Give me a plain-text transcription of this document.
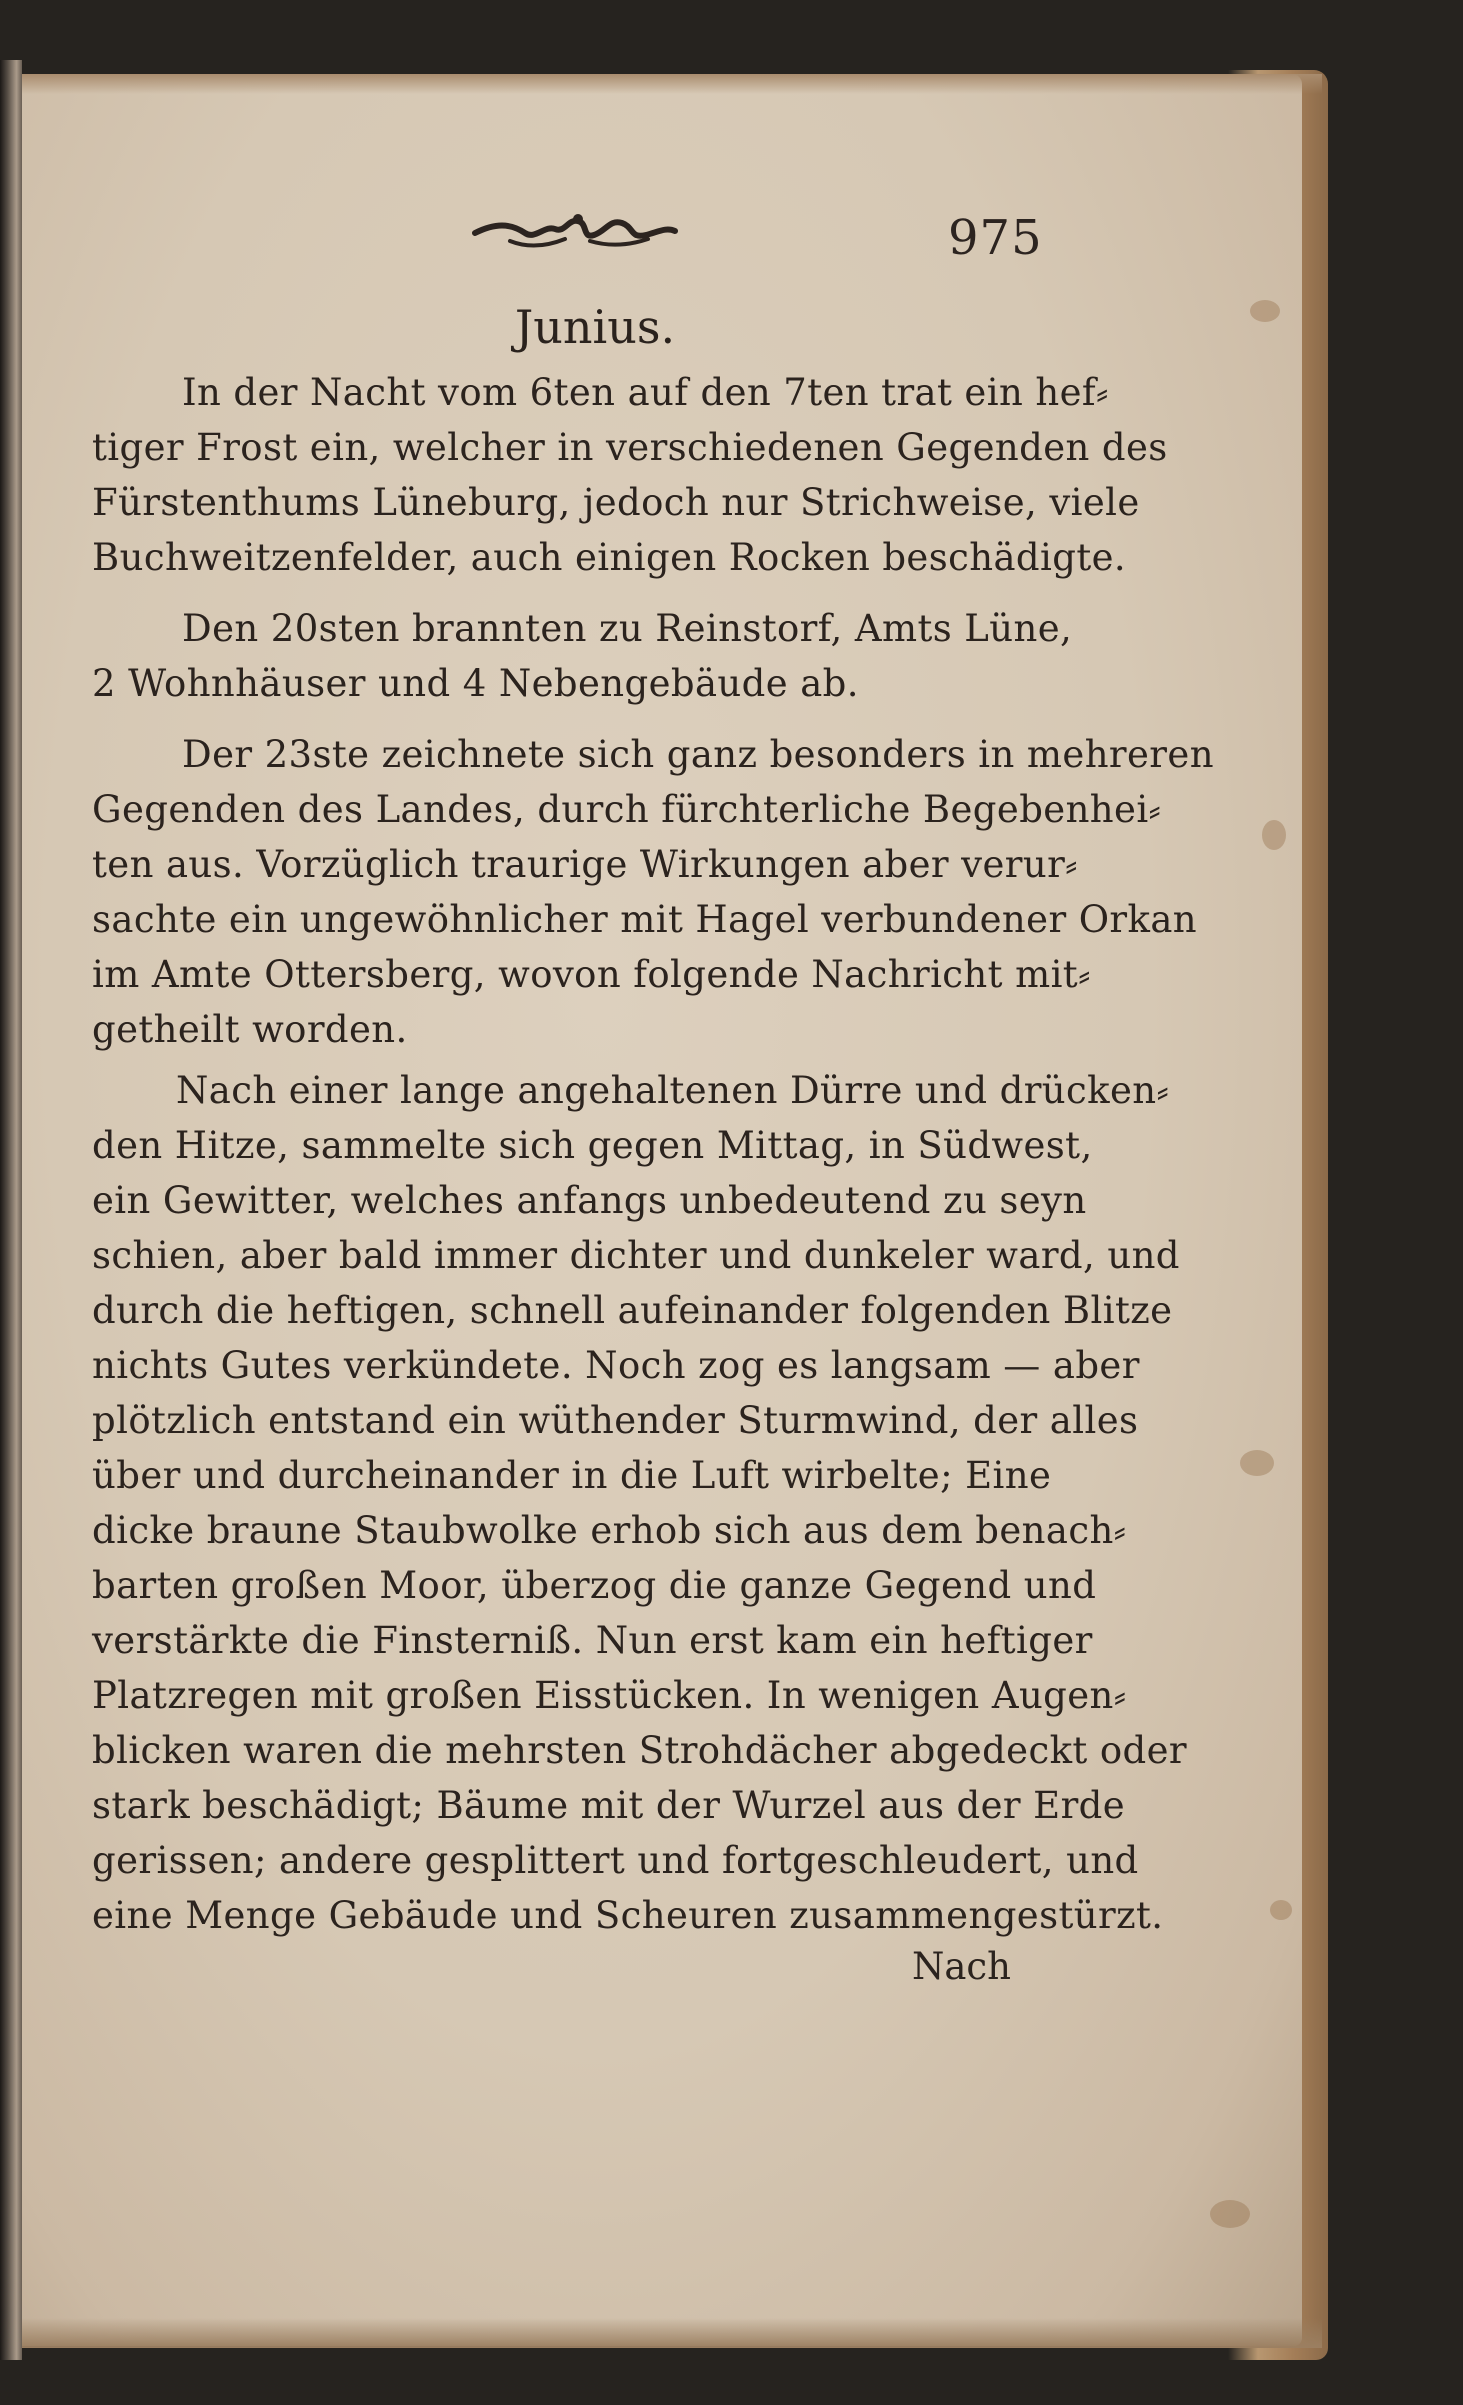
975
Junius.
In der Nacht vom 6ten auf den 7ten trat ein hef⸗
tiger Frost ein, welcher in verschiedenen Gegenden des
Fürstenthums Lüneburg, jedoch nur Strichweise, viele
Buchweitzenfelder, auch einigen Rocken beschädigte.
Den 20sten brannten zu Reinstorf, Amts Lüne,
2 Wohnhäuser und 4 Nebengebäude ab.
Der 23ste zeichnete sich ganz besonders in mehreren
Gegenden des Landes, durch fürchterliche Begebenhei⸗
ten aus. Vorzüglich traurige Wirkungen aber verur⸗
sachte ein ungewöhnlicher mit Hagel verbundener Orkan
im Amte Ottersberg, wovon folgende Nachricht mit⸗
getheilt worden.
Nach einer lange angehaltenen Dürre und drücken⸗
den Hitze, sammelte sich gegen Mittag, in Südwest,
ein Gewitter, welches anfangs unbedeutend zu seyn
schien, aber bald immer dichter und dunkeler ward, und
durch die heftigen, schnell aufeinander folgenden Blitze
nichts Gutes verkündete. Noch zog es langsam — aber
plötzlich entstand ein wüthender Sturmwind, der alles
über und durcheinander in die Luft wirbelte; Eine
dicke braune Staubwolke erhob sich aus dem benach⸗
barten großen Moor, überzog die ganze Gegend und
verstärkte die Finsterniß. Nun erst kam ein heftiger
Platzregen mit großen Eisstücken. In wenigen Augen⸗
blicken waren die mehrsten Strohdächer abgedeckt oder
stark beschädigt; Bäume mit der Wurzel aus der Erde
gerissen; andere gesplittert und fortgeschleudert, und
eine Menge Gebäude und Scheuren zusammengestürzt.
Nach
